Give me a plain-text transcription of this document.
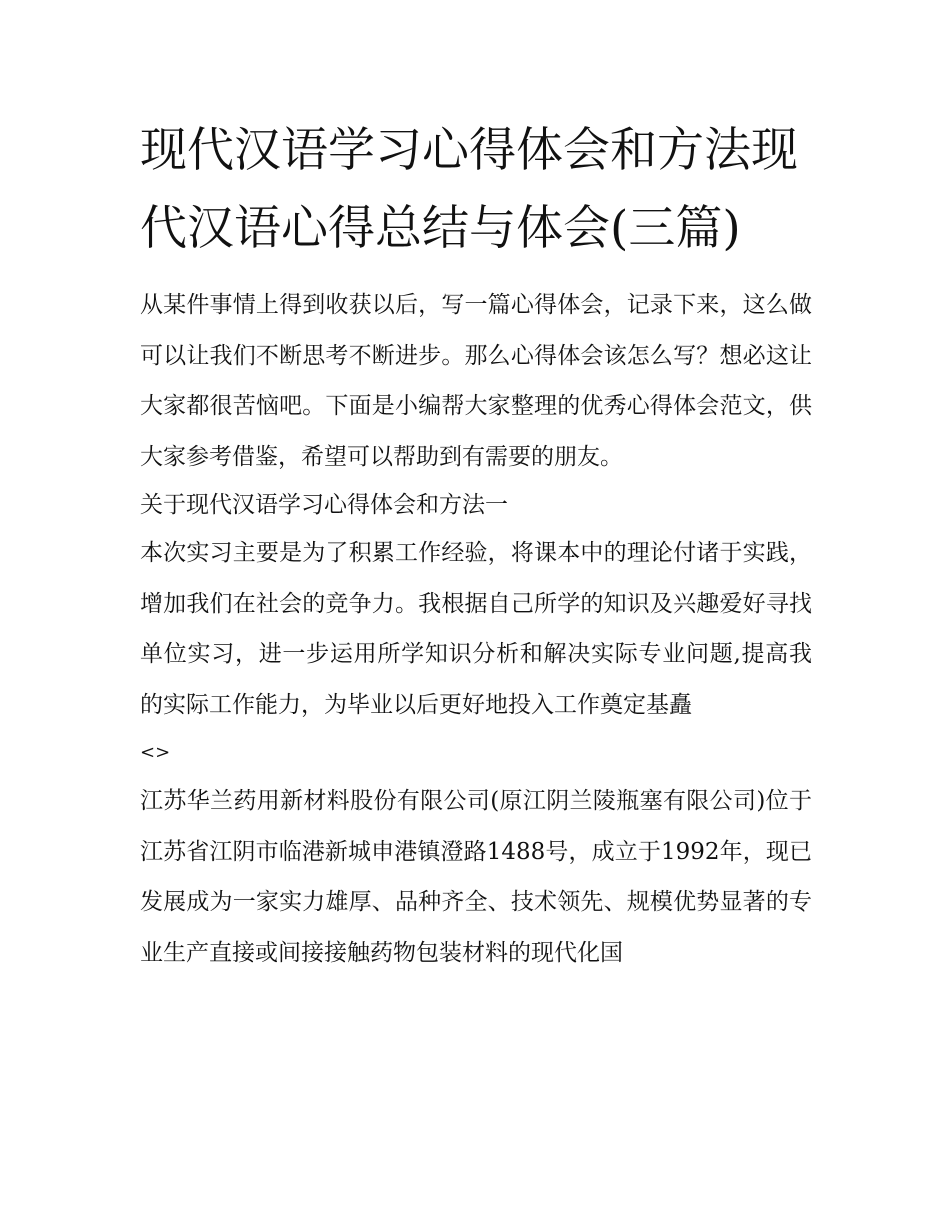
现代汉语学习心得体会和方法现代汉语心得总结与体会(三篇)

从某件事情上得到收获以后，写一篇心得体会，记录下来，这么做可以让我们不断思考不断进步。那么心得体会该怎么写？想必这让大家都很苦恼吧。下面是小编帮大家整理的优秀心得体会范文，供大家参考借鉴，希望可以帮助到有需要的朋友。

关于现代汉语学习心得体会和方法一

本次实习主要是为了积累工作经验，将课本中的理论付诸于实践，增加我们在社会的竞争力。我根据自己所学的知识及兴趣爱好寻找单位实习，进一步运用所学知识分析和解决实际专业问题,提高我的实际工作能力，为毕业以后更好地投入工作奠定基矗

<>

江苏华兰药用新材料股份有限公司(原江阴兰陵瓶塞有限公司)位于江苏省江阴市临港新城申港镇澄路1488号，成立于1992年，现已发展成为一家实力雄厚、品种齐全、技术领先、规模优势显著的专业生产直接或间接接触药物包装材料的现代化国
